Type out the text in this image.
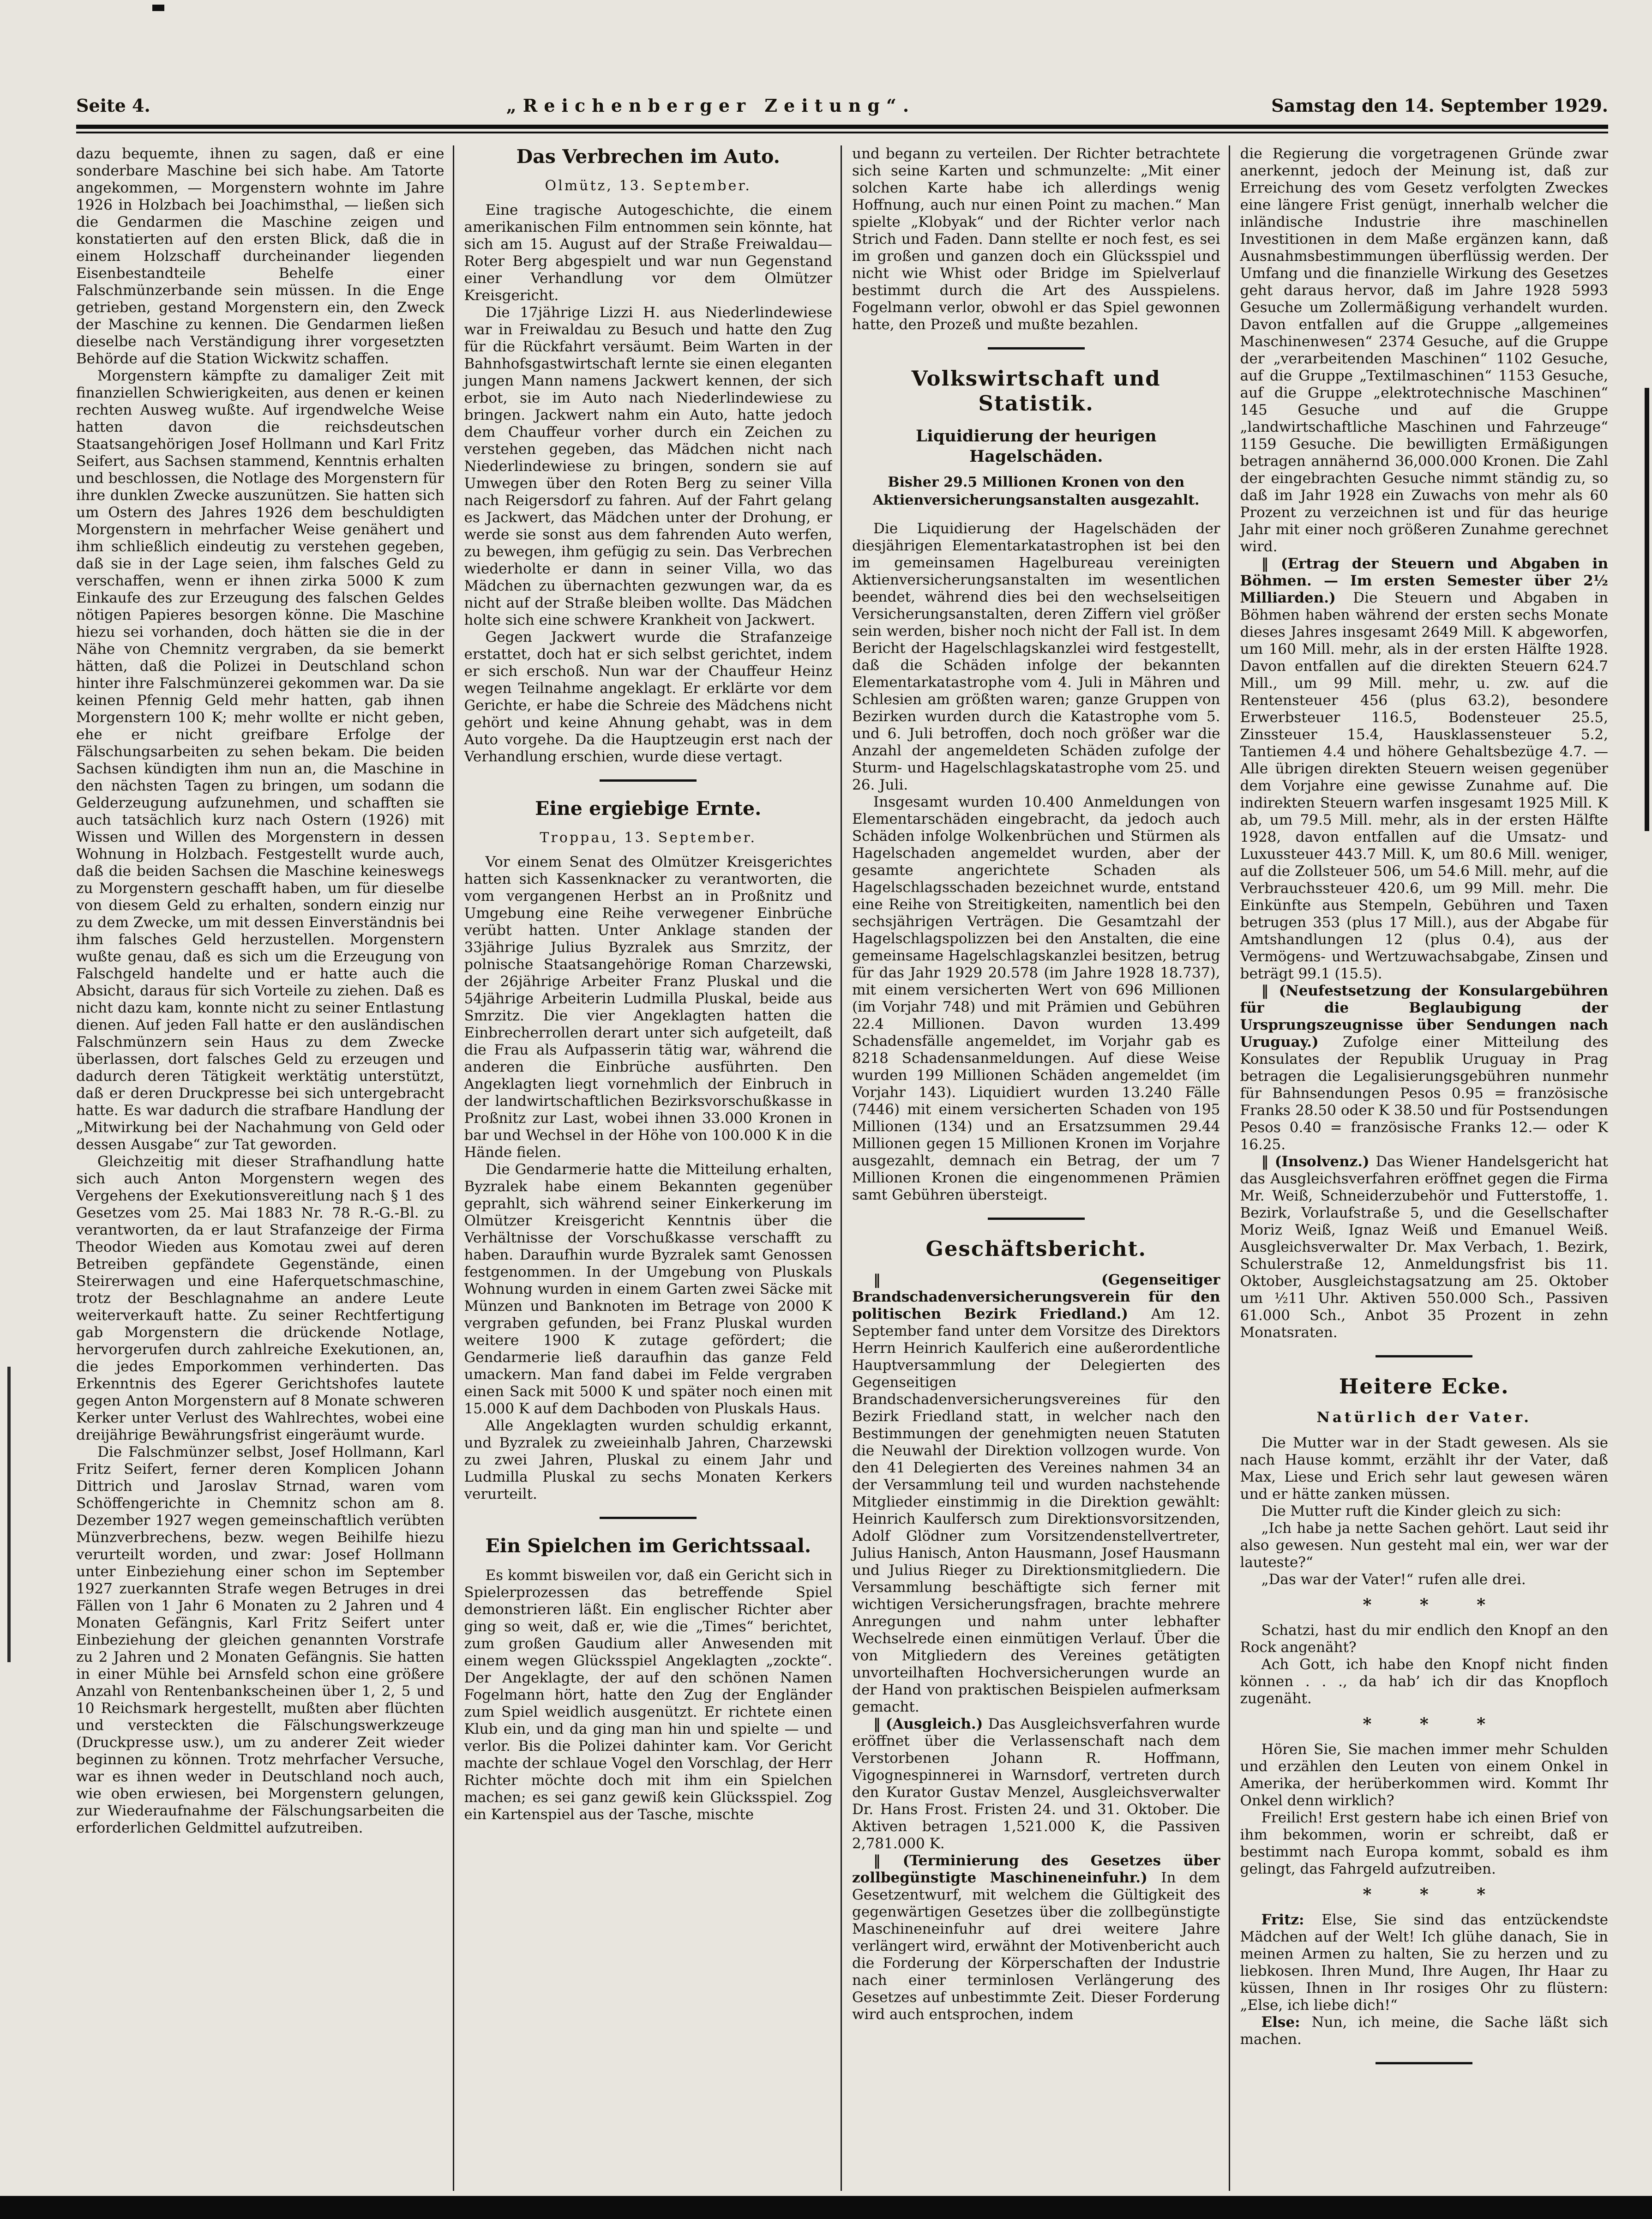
Seite 4.	„Reichenberger Zeitung“.	Samstag den 14. September 1929.
dazu bequemte, ihnen zu sagen, daß er eine sonderbare Maschine bei sich habe. Am Tatorte angekommen, — Morgenstern wohnte im Jahre 1926 in Holzbach bei Joachimsthal, — ließen sich die Gendarmen die Maschine zeigen und konstatierten auf den ersten Blick, daß die in einem Holzschaff durcheinander liegenden Eisenbestandteile Behelfe einer Falschmünzerbande sein müssen. In die Enge getrieben, gestand Morgenstern ein, den Zweck der Maschine zu kennen. Die Gendarmen ließen dieselbe nach Verständigung ihrer vorgesetzten Behörde auf die Station Wickwitz schaffen.
Morgenstern kämpfte zu damaliger Zeit mit finanziellen Schwierigkeiten, aus denen er keinen rechten Ausweg wußte. Auf irgendwelche Weise hatten davon die reichsdeutschen Staatsangehörigen Josef Hollmann und Karl Fritz Seifert, aus Sachsen stammend, Kenntnis erhalten und beschlossen, die Notlage des Morgenstern für ihre dunklen Zwecke auszunützen. Sie hatten sich um Ostern des Jahres 1926 dem beschuldigten Morgenstern in mehrfacher Weise genähert und ihm schließlich eindeutig zu verstehen gegeben, daß sie in der Lage seien, ihm falsches Geld zu verschaffen, wenn er ihnen zirka 5000 K zum Einkaufe des zur Erzeugung des falschen Geldes nötigen Papieres besorgen könne. Die Maschine hiezu sei vorhanden, doch hätten sie die in der Nähe von Chemnitz vergraben, da sie bemerkt hätten, daß die Polizei in Deutschland schon hinter ihre Falschmünzerei gekommen war. Da sie keinen Pfennig Geld mehr hatten, gab ihnen Morgenstern 100 K; mehr wollte er nicht geben, ehe er nicht greifbare Erfolge der Fälschungsarbeiten zu sehen bekam. Die beiden Sachsen kündigten ihm nun an, die Maschine in den nächsten Tagen zu bringen, um sodann die Gelderzeugung aufzunehmen, und schafften sie auch tatsächlich kurz nach Ostern (1926) mit Wissen und Willen des Morgenstern in dessen Wohnung in Holzbach. Festgestellt wurde auch, daß die beiden Sachsen die Maschine keineswegs zu Morgenstern geschafft haben, um für dieselbe von diesem Geld zu erhalten, sondern einzig nur zu dem Zwecke, um mit dessen Einverständnis bei ihm falsches Geld herzustellen. Morgenstern wußte genau, daß es sich um die Erzeugung von Falschgeld handelte und er hatte auch die Absicht, daraus für sich Vorteile zu ziehen. Daß es nicht dazu kam, konnte nicht zu seiner Entlastung dienen. Auf jeden Fall hatte er den ausländischen Falschmünzern sein Haus zu dem Zwecke überlassen, dort falsches Geld zu erzeugen und dadurch deren Tätigkeit werktätig unterstützt, daß er deren Druckpresse bei sich untergebracht hatte. Es war dadurch die strafbare Handlung der „Mitwirkung bei der Nachahmung von Geld oder dessen Ausgabe“ zur Tat geworden.
Gleichzeitig mit dieser Strafhandlung hatte sich auch Anton Morgenstern wegen des Vergehens der Exekutionsvereitlung nach § 1 des Gesetzes vom 25. Mai 1883 Nr. 78 R.-G.-Bl. zu verantworten, da er laut Strafanzeige der Firma Theodor Wieden aus Komotau zwei auf deren Betreiben gepfändete Gegenstände, einen Steirerwagen und eine Haferquetschmaschine, trotz der Beschlagnahme an andere Leute weiterverkauft hatte. Zu seiner Rechtfertigung gab Morgenstern die drückende Notlage, hervorgerufen durch zahlreiche Exekutionen, an, die jedes Emporkommen verhinderten. Das Erkenntnis des Egerer Gerichtshofes lautete gegen Anton Morgenstern auf 8 Monate schweren Kerker unter Verlust des Wahlrechtes, wobei eine dreijährige Bewährungsfrist eingeräumt wurde.
Die Falschmünzer selbst, Josef Hollmann, Karl Fritz Seifert, ferner deren Komplicen Johann Dittrich und Jaroslav Strnad, waren vom Schöffengerichte in Chemnitz schon am 8. Dezember 1927 wegen gemeinschaftlich verübten Münzverbrechens, bezw. wegen Beihilfe hiezu verurteilt worden, und zwar: Josef Hollmann unter Einbeziehung einer schon im September 1927 zuerkannten Strafe wegen Betruges in drei Fällen von 1 Jahr 6 Monaten zu 2 Jahren und 4 Monaten Gefängnis, Karl Fritz Seifert unter Einbeziehung der gleichen genannten Vorstrafe zu 2 Jahren und 2 Monaten Gefängnis. Sie hatten in einer Mühle bei Arnsfeld schon eine größere Anzahl von Rentenbankscheinen über 1, 2, 5 und 10 Reichsmark hergestellt, mußten aber flüchten und versteckten die Fälschungswerkzeuge (Druckpresse usw.), um zu anderer Zeit wieder beginnen zu können. Trotz mehrfacher Versuche, war es ihnen weder in Deutschland noch auch, wie oben erwiesen, bei Morgenstern gelungen, zur Wiederaufnahme der Fälschungsarbeiten die erforderlichen Geldmittel aufzutreiben.
Das Verbrechen im Auto.
Olmütz, 13. September.
Eine tragische Autogeschichte, die einem amerikanischen Film entnommen sein könnte, hat sich am 15. August auf der Straße Freiwaldau—Roter Berg abgespielt und war nun Gegenstand einer Verhandlung vor dem Olmützer Kreisgericht.
Die 17jährige Lizzi H. aus Niederlindewiese war in Freiwaldau zu Besuch und hatte den Zug für die Rückfahrt versäumt. Beim Warten in der Bahnhofsgastwirtschaft lernte sie einen eleganten jungen Mann namens Jackwert kennen, der sich erbot, sie im Auto nach Niederlindewiese zu bringen. Jackwert nahm ein Auto, hatte jedoch dem Chauffeur vorher durch ein Zeichen zu verstehen gegeben, das Mädchen nicht nach Niederlindewiese zu bringen, sondern sie auf Umwegen über den Roten Berg zu seiner Villa nach Reigersdorf zu fahren. Auf der Fahrt gelang es Jackwert, das Mädchen unter der Drohung, er werde sie sonst aus dem fahrenden Auto werfen, zu bewegen, ihm gefügig zu sein. Das Verbrechen wiederholte er dann in seiner Villa, wo das Mädchen zu übernachten gezwungen war, da es nicht auf der Straße bleiben wollte. Das Mädchen holte sich eine schwere Krankheit von Jackwert.
Gegen Jackwert wurde die Strafanzeige erstattet, doch hat er sich selbst gerichtet, indem er sich erschoß. Nun war der Chauffeur Heinz wegen Teilnahme angeklagt. Er erklärte vor dem Gerichte, er habe die Schreie des Mädchens nicht gehört und keine Ahnung gehabt, was in dem Auto vorgehe. Da die Hauptzeugin erst nach der Verhandlung erschien, wurde diese vertagt.
Eine ergiebige Ernte.
Troppau, 13. September.
Vor einem Senat des Olmützer Kreisgerichtes hatten sich Kassenknacker zu verantworten, die vom vergangenen Herbst an in Proßnitz und Umgebung eine Reihe verwegener Einbrüche verübt hatten. Unter Anklage standen der 33jährige Julius Byzralek aus Smrzitz, der polnische Staatsangehörige Roman Charzewski, der 26jährige Arbeiter Franz Pluskal und die 54jährige Arbeiterin Ludmilla Pluskal, beide aus Smrzitz. Die vier Angeklagten hatten die Einbrecherrollen derart unter sich aufgeteilt, daß die Frau als Aufpasserin tätig war, während die anderen die Einbrüche ausführten. Den Angeklagten liegt vornehmlich der Einbruch in der landwirtschaftlichen Bezirksvorschußkasse in Proßnitz zur Last, wobei ihnen 33.000 Kronen in bar und Wechsel in der Höhe von 100.000 K in die Hände fielen.
Die Gendarmerie hatte die Mitteilung erhalten, Byzralek habe einem Bekannten gegenüber geprahlt, sich während seiner Einkerkerung im Olmützer Kreisgericht Kenntnis über die Verhältnisse der Vorschußkasse verschafft zu haben. Daraufhin wurde Byzralek samt Genossen festgenommen. In der Umgebung von Pluskals Wohnung wurden in einem Garten zwei Säcke mit Münzen und Banknoten im Betrage von 2000 K vergraben gefunden, bei Franz Pluskal wurden weitere 1900 K zutage gefördert; die Gendarmerie ließ daraufhin das ganze Feld umackern. Man fand dabei im Felde vergraben einen Sack mit 5000 K und später noch einen mit 15.000 K auf dem Dachboden von Pluskals Haus.
Alle Angeklagten wurden schuldig erkannt, und Byzralek zu zweieinhalb Jahren, Charzewski zu zwei Jahren, Pluskal zu einem Jahr und Ludmilla Pluskal zu sechs Monaten Kerkers verurteilt.
Ein Spielchen im Gerichtssaal.
Es kommt bisweilen vor, daß ein Gericht sich in Spielerprozessen das betreffende Spiel demonstrieren läßt. Ein englischer Richter aber ging so weit, daß er, wie die „Times“ berichtet, zum großen Gaudium aller Anwesenden mit einem wegen Glücksspiel Angeklagten „zockte“. Der Angeklagte, der auf den schönen Namen Fogelmann hört, hatte den Zug der Engländer zum Spiel weidlich ausgenützt. Er richtete einen Klub ein, und da ging man hin und spielte — und verlor. Bis die Polizei dahinter kam. Vor Gericht machte der schlaue Vogel den Vorschlag, der Herr Richter möchte doch mit ihm ein Spielchen machen; es sei ganz gewiß kein Glücksspiel. Zog ein Kartenspiel aus der Tasche, mischte
und begann zu verteilen. Der Richter betrachtete sich seine Karten und schmunzelte: „Mit einer solchen Karte habe ich allerdings wenig Hoffnung, auch nur einen Point zu machen.“ Man spielte „Klobyak“ und der Richter verlor nach Strich und Faden. Dann stellte er noch fest, es sei im großen und ganzen doch ein Glücksspiel und nicht wie Whist oder Bridge im Spielverlauf bestimmt durch die Art des Ausspielens. Fogelmann verlor, obwohl er das Spiel gewonnen hatte, den Prozeß und mußte bezahlen.
Volkswirtschaft und Statistik.
Liquidierung der heurigen Hagelschäden.
Bisher 29.5 Millionen Kronen von den Aktienversicherungsanstalten ausgezahlt.
Die Liquidierung der Hagelschäden der diesjährigen Elementarkatastrophen ist bei den im gemeinsamen Hagelbureau vereinigten Aktienversicherungsanstalten im wesentlichen beendet, während dies bei den wechselseitigen Versicherungsanstalten, deren Ziffern viel größer sein werden, bisher noch nicht der Fall ist. In dem Bericht der Hagelschlagskanzlei wird festgestellt, daß die Schäden infolge der bekannten Elementarkatastrophe vom 4. Juli in Mähren und Schlesien am größten waren; ganze Gruppen von Bezirken wurden durch die Katastrophe vom 5. und 6. Juli betroffen, doch noch größer war die Anzahl der angemeldeten Schäden zufolge der Sturm- und Hagelschlagskatastrophe vom 25. und 26. Juli.
Insgesamt wurden 10.400 Anmeldungen von Elementarschäden eingebracht, da jedoch auch Schäden infolge Wolkenbrüchen und Stürmen als Hagelschaden angemeldet wurden, aber der gesamte angerichtete Schaden als Hagelschlagsschaden bezeichnet wurde, entstand eine Reihe von Streitigkeiten, namentlich bei den sechsjährigen Verträgen. Die Gesamtzahl der Hagelschlagspolizzen bei den Anstalten, die eine gemeinsame Hagelschlagskanzlei besitzen, betrug für das Jahr 1929 20.578 (im Jahre 1928 18.737), mit einem versicherten Wert von 696 Millionen (im Vorjahr 748) und mit Prämien und Gebühren 22.4 Millionen. Davon wurden 13.499 Schadensfälle angemeldet, im Vorjahr gab es 8218 Schadensanmeldungen. Auf diese Weise wurden 199 Millionen Schäden angemeldet (im Vorjahr 143). Liquidiert wurden 13.240 Fälle (7446) mit einem versicherten Schaden von 195 Millionen (134) und an Ersatzsummen 29.44 Millionen gegen 15 Millionen Kronen im Vorjahre ausgezahlt, demnach ein Betrag, der um 7 Millionen Kronen die eingenommenen Prämien samt Gebühren übersteigt.
Geschäftsbericht.
‖ (Gegenseitiger Brandschadenversicherungsverein für den politischen Bezirk Friedland.) Am 12. September fand unter dem Vorsitze des Direktors Herrn Heinrich Kaulferich eine außerordentliche Hauptversammlung der Delegierten des Gegenseitigen Brandschadenversicherungsvereines für den Bezirk Friedland statt, in welcher nach den Bestimmungen der genehmigten neuen Statuten die Neuwahl der Direktion vollzogen wurde. Von den 41 Delegierten des Vereines nahmen 34 an der Versammlung teil und wurden nachstehende Mitglieder einstimmig in die Direktion gewählt: Heinrich Kaulfersch zum Direktionsvorsitzenden, Adolf Glödner zum Vorsitzendenstellvertreter, Julius Hanisch, Anton Hausmann, Josef Hausmann und Julius Rieger zu Direktionsmitgliedern. Die Versammlung beschäftigte sich ferner mit wichtigen Versicherungsfragen, brachte mehrere Anregungen und nahm unter lebhafter Wechselrede einen einmütigen Verlauf. Über die von Mitgliedern des Vereines getätigten unvorteilhaften Hochversicherungen wurde an der Hand von praktischen Beispielen aufmerksam gemacht.
‖ (Ausgleich.) Das Ausgleichsverfahren wurde eröffnet über die Verlassenschaft nach dem Verstorbenen Johann R. Hoffmann, Vigognespinnerei in Warnsdorf, vertreten durch den Kurator Gustav Menzel, Ausgleichsverwalter Dr. Hans Frost. Fristen 24. und 31. Oktober. Die Aktiven betragen 1,521.000 K, die Passiven 2,781.000 K.
‖ (Terminierung des Gesetzes über zollbegünstigte Maschineneinfuhr.) In dem Gesetzentwurf, mit welchem die Gültigkeit des gegenwärtigen Gesetzes über die zollbegünstigte Maschineneinfuhr auf drei weitere Jahre verlängert wird, erwähnt der Motivenbericht auch die Forderung der Körperschaften der Industrie nach einer terminlosen Verlängerung des Gesetzes auf unbestimmte Zeit. Dieser Forderung wird auch entsprochen, indem
die Regierung die vorgetragenen Gründe zwar anerkennt, jedoch der Meinung ist, daß zur Erreichung des vom Gesetz verfolgten Zweckes eine längere Frist genügt, innerhalb welcher die inländische Industrie ihre maschinellen Investitionen in dem Maße ergänzen kann, daß Ausnahmsbestimmungen überflüssig werden. Der Umfang und die finanzielle Wirkung des Gesetzes geht daraus hervor, daß im Jahre 1928 5993 Gesuche um Zollermäßigung verhandelt wurden. Davon entfallen auf die Gruppe „allgemeines Maschinenwesen“ 2374 Gesuche, auf die Gruppe der „verarbeitenden Maschinen“ 1102 Gesuche, auf die Gruppe „Textilmaschinen“ 1153 Gesuche, auf die Gruppe „elektrotechnische Maschinen“ 145 Gesuche und auf die Gruppe „landwirtschaftliche Maschinen und Fahrzeuge“ 1159 Gesuche. Die bewilligten Ermäßigungen betragen annähernd 36,000.000 Kronen. Die Zahl der eingebrachten Gesuche nimmt ständig zu, so daß im Jahr 1928 ein Zuwachs von mehr als 60 Prozent zu verzeichnen ist und für das heurige Jahr mit einer noch größeren Zunahme gerechnet wird.
‖ (Ertrag der Steuern und Abgaben in Böhmen. — Im ersten Semester über 2½ Milliarden.) Die Steuern und Abgaben in Böhmen haben während der ersten sechs Monate dieses Jahres insgesamt 2649 Mill. K abgeworfen, um 160 Mill. mehr, als in der ersten Hälfte 1928. Davon entfallen auf die direkten Steuern 624.7 Mill., um 99 Mill. mehr, u. zw. auf die Rentensteuer 456 (plus 63.2), besondere Erwerbsteuer 116.5, Bodensteuer 25.5, Zinssteuer 15.4, Hausklassensteuer 5.2, Tantiemen 4.4 und höhere Gehaltsbezüge 4.7. — Alle übrigen direkten Steuern weisen gegenüber dem Vorjahre eine gewisse Zunahme auf. Die indirekten Steuern warfen insgesamt 1925 Mill. K ab, um 79.5 Mill. mehr, als in der ersten Hälfte 1928, davon entfallen auf die Umsatz- und Luxussteuer 443.7 Mill. K, um 80.6 Mill. weniger, auf die Zollsteuer 506, um 54.6 Mill. mehr, auf die Verbrauchssteuer 420.6, um 99 Mill. mehr. Die Einkünfte aus Stempeln, Gebühren und Taxen betrugen 353 (plus 17 Mill.), aus der Abgabe für Amtshandlungen 12 (plus 0.4), aus der Vermögens- und Wertzuwachsabgabe, Zinsen und beträgt 99.1 (15.5).
‖ (Neufestsetzung der Konsulargebühren für die Beglaubigung der Ursprungszeugnisse über Sendungen nach Uruguay.) Zufolge einer Mitteilung des Konsulates der Republik Uruguay in Prag betragen die Legalisierungsgebühren nunmehr für Bahnsendungen Pesos 0.95 = französische Franks 28.50 oder K 38.50 und für Postsendungen Pesos 0.40 = französische Franks 12.— oder K 16.25.
‖ (Insolvenz.) Das Wiener Handelsgericht hat das Ausgleichsverfahren eröffnet gegen die Firma Mr. Weiß, Schneiderzubehör und Futterstoffe, 1. Bezirk, Vorlaufstraße 5, und die Gesellschafter Moriz Weiß, Ignaz Weiß und Emanuel Weiß. Ausgleichsverwalter Dr. Max Verbach, 1. Bezirk, Schulerstraße 12, Anmeldungsfrist bis 11. Oktober, Ausgleichstagsatzung am 25. Oktober um ½11 Uhr. Aktiven 550.000 Sch., Passiven 61.000 Sch., Anbot 35 Prozent in zehn Monatsraten.
Heitere Ecke.
Natürlich der Vater.
Die Mutter war in der Stadt gewesen. Als sie nach Hause kommt, erzählt ihr der Vater, daß Max, Liese und Erich sehr laut gewesen wären und er hätte zanken müssen.
Die Mutter ruft die Kinder gleich zu sich:
„Ich habe ja nette Sachen gehört. Laut seid ihr also gewesen. Nun gesteht mal ein, wer war der lauteste?“
„Das war der Vater!“ rufen alle drei.
* * *
Schatzi, hast du mir endlich den Knopf an den Rock angenäht?
Ach Gott, ich habe den Knopf nicht finden können . . ., da hab’ ich dir das Knopfloch zugenäht.
* * *
Hören Sie, Sie machen immer mehr Schulden und erzählen den Leuten von einem Onkel in Amerika, der herüberkommen wird. Kommt Ihr Onkel denn wirklich?
Freilich! Erst gestern habe ich einen Brief von ihm bekommen, worin er schreibt, daß er bestimmt nach Europa kommt, sobald es ihm gelingt, das Fahrgeld aufzutreiben.
* * *
Fritz: Else, Sie sind das entzückendste Mädchen auf der Welt! Ich glühe danach, Sie in meinen Armen zu halten, Sie zu herzen und zu liebkosen. Ihren Mund, Ihre Augen, Ihr Haar zu küssen, Ihnen in Ihr rosiges Ohr zu flüstern: „Else, ich liebe dich!“
Else: Nun, ich meine, die Sache läßt sich machen.
